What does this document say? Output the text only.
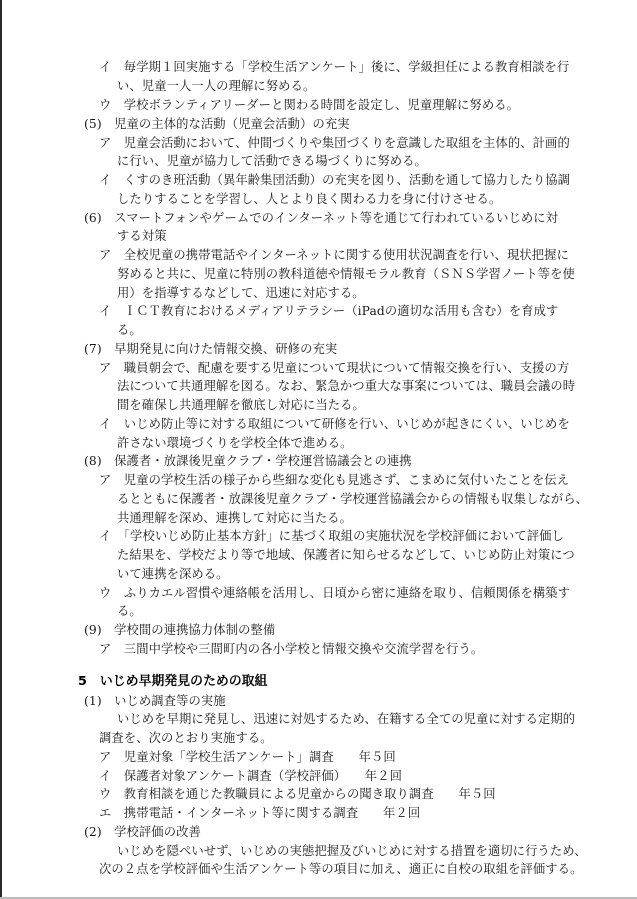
イ　毎学期１回実施する「学校生活アンケート」後に、学級担任による教育相談を行
い、児童一人一人の理解に努める。
ウ　学校ボランティアリーダーと関わる時間を設定し、児童理解に努める。
(5)　児童の主体的な活動（児童会活動）の充実
ア　児童会活動において、仲間づくりや集団づくりを意識した取組を主体的、計画的
に行い、児童が協力して活動できる場づくりに努める。
イ　くすのき班活動（異年齢集団活動）の充実を図り、活動を通して協力したり協調
したりすることを学習し、人とより良く関わる力を身に付けさせる。
(6)　スマートフォンやゲームでのインターネット等を通じて行われているいじめに対
する対策
ア　全校児童の携帯電話やインターネットに関する使用状況調査を行い、現状把握に
努めると共に、児童に特別の教科道徳や情報モラル教育（ＳＮＳ学習ノート等を使
用）を指導するなどして、迅速に対応する。
イ　ＩＣＴ教育におけるメディアリテラシー（iPadの適切な活用も含む）を育成す
る。
(7)　早期発見に向けた情報交換、研修の充実
ア　職員朝会で、配慮を要する児童について現状について情報交換を行い、支援の方
法について共通理解を図る。なお、緊急かつ重大な事案については、職員会議の時
間を確保し共通理解を徹底し対応に当たる。
イ　いじめ防止等に対する取組について研修を行い、いじめが起きにくい、いじめを
許さない環境づくりを学校全体で進める。
(8)　保護者・放課後児童クラブ・学校運営協議会との連携
ア　児童の学校生活の様子から些細な変化も見逃さず、こまめに気付いたことを伝え
るとともに保護者・放課後児童クラブ・学校運営協議会からの情報も収集しながら、
共通理解を深め、連携して対応に当たる。
イ　「学校いじめ防止基本方針」に基づく取組の実施状況を学校評価において評価し
た結果を、学校だより等で地域、保護者に知らせるなどして、いじめ防止対策につ
いて連携を深める。
ウ　ふりカエル習慣や連絡帳を活用し、日頃から密に連絡を取り、信頼関係を構築す
る。
(9)　学校間の連携協力体制の整備
ア　三間中学校や三間町内の各小学校と情報交換や交流学習を行う。
5　いじめ早期発見のための取組
(1)　いじめ調査等の実施
いじめを早期に発見し、迅速に対処するため、在籍する全ての児童に対する定期的
調査を、次のとおり実施する。
ア　児童対象「学校生活アンケート」調査　　年５回
イ　保護者対象アンケート調査（学校評価）　　年２回
ウ　教育相談を通じた教職員による児童からの聞き取り調査　　年５回
エ　携帯電話・インターネット等に関する調査　　年２回
(2)　学校評価の改善
いじめを隠ぺいせず、いじめの実態把握及びいじめに対する措置を適切に行うため、
次の２点を学校評価や生活アンケート等の項目に加え、適正に自校の取組を評価する。
